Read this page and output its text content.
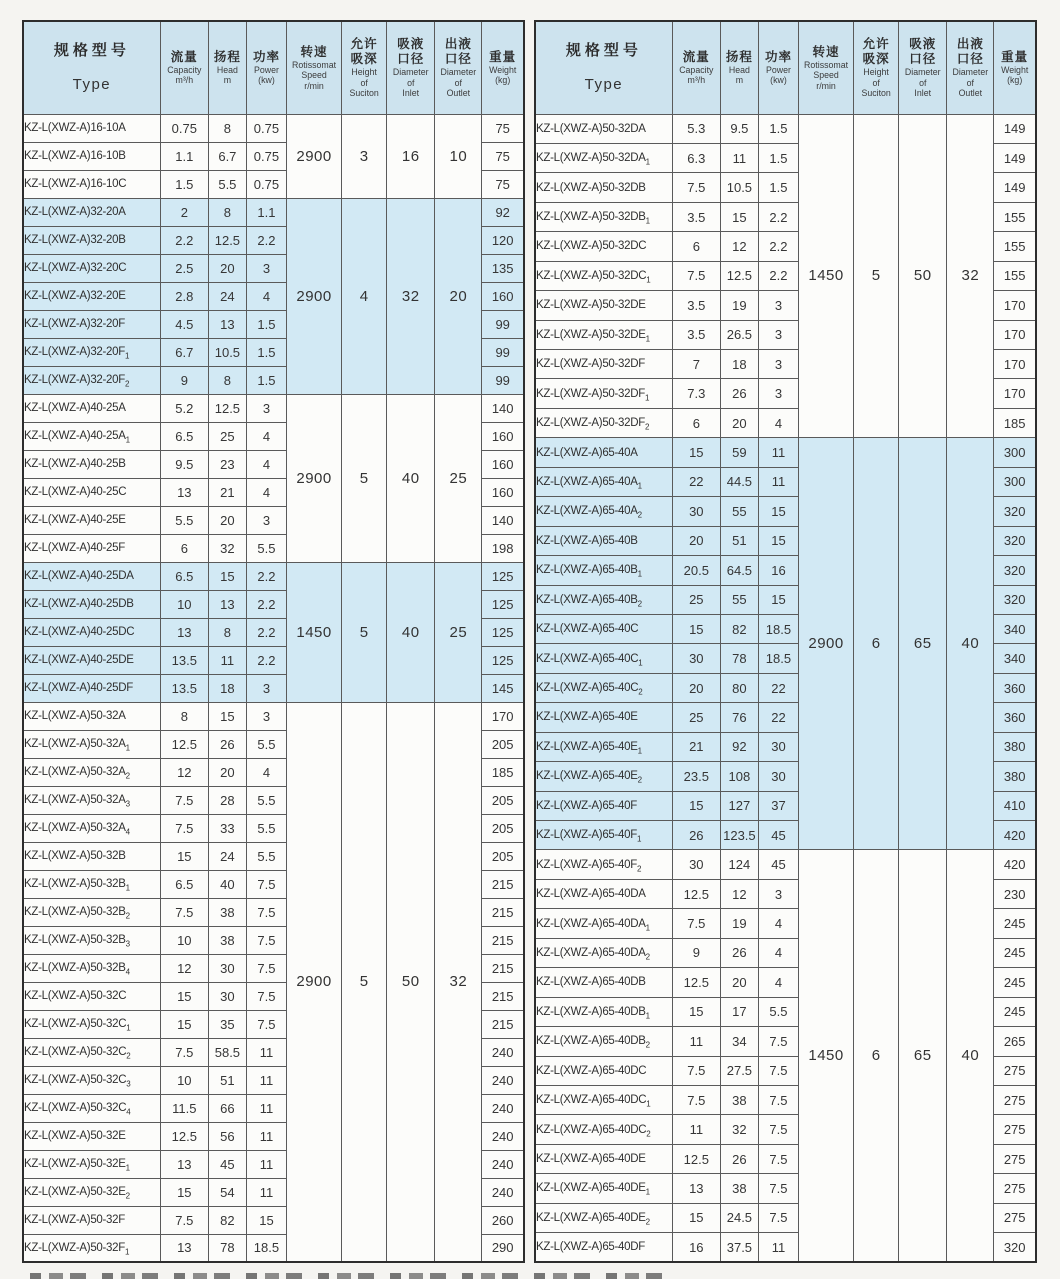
规格型号
Type

流量
Capacity
m³/h

扬程
Head
m

功率
Power
(kw)

转速
Rotissomat
Speed
r/min

允许
吸深
Height
of
Suciton

吸液
口径
Diameter
of
Inlet

出液
口径
Diameter
of
Outlet

重量
Weight
(kg)

KZ-L(XWZ-A)16-10A	0.75	8	0.75	2900	3	16	10	75
KZ-L(XWZ-A)16-10B	1.1	6.7	0.75					75
KZ-L(XWZ-A)16-10C	1.5	5.5	0.75					75
KZ-L(XWZ-A)32-20A	2	8	1.1	2900	4	32	20	92
KZ-L(XWZ-A)32-20B	2.2	12.5	2.2					120
KZ-L(XWZ-A)32-20C	2.5	20	3					135
KZ-L(XWZ-A)32-20E	2.8	24	4					160
KZ-L(XWZ-A)32-20F	4.5	13	1.5					99
$KZ-L(XWZ-A)32-20F_1$	6.7	10.5	1.5					99
$KZ-L(XWZ-A)32-20F_2$	9	8	1.5					99
KZ-L(XWZ-A)40-25A	5.2	12.5	3	2900	5	40	25	140
$KZ-L(XWZ-A)40-25A_1$	6.5	25	4					160
KZ-L(XWZ-A)40-25B	9.5	23	4					160
KZ-L(XWZ-A)40-25C	13	21	4					160
KZ-L(XWZ-A)40-25E	5.5	20	3					140
KZ-L(XWZ-A)40-25F	6	32	5.5					198
KZ-L(XWZ-A)40-25DA	6.5	15	2.2	1450	5	40	25	125
KZ-L(XWZ-A)40-25DB	10	13	2.2					125
KZ-L(XWZ-A)40-25DC	13	8	2.2					125
KZ-L(XWZ-A)40-25DE	13.5	11	2.2					125
KZ-L(XWZ-A)40-25DF	13.5	18	3					145
KZ-L(XWZ-A)50-32A	8	15	3	2900	5	50	32	170
$KZ-L(XWZ-A)50-32A_1$	12.5	26	5.5					205
$KZ-L(XWZ-A)50-32A_2$	12	20	4					185
$KZ-L(XWZ-A)50-32A_3$	7.5	28	5.5					205
$KZ-L(XWZ-A)50-32A_4$	7.5	33	5.5					205
KZ-L(XWZ-A)50-32B	15	24	5.5					205
$KZ-L(XWZ-A)50-32B_1$	6.5	40	7.5					215
$KZ-L(XWZ-A)50-32B_2$	7.5	38	7.5					215
$KZ-L(XWZ-A)50-32B_3$	10	38	7.5					215
$KZ-L(XWZ-A)50-32B_4$	12	30	7.5					215
KZ-L(XWZ-A)50-32C	15	30	7.5					215
$KZ-L(XWZ-A)50-32C_1$	15	35	7.5					215
$KZ-L(XWZ-A)50-32C_2$	7.5	58.5	11					240
$KZ-L(XWZ-A)50-32C_3$	10	51	11					240
$KZ-L(XWZ-A)50-32C_4$	11.5	66	11					240
KZ-L(XWZ-A)50-32E	12.5	56	11					240
$KZ-L(XWZ-A)50-32E_1$	13	45	11					240
$KZ-L(XWZ-A)50-32E_2$	15	54	11					240
KZ-L(XWZ-A)50-32F	7.5	82	15					260
$KZ-L(XWZ-A)50-32F_1$	13	78	18.5					290
规格型号
Type

流量
Capacity
m³/h

扬程
Head
m

功率
Power
(kw)

转速
Rotissomat
Speed
r/min

允许
吸深
Height
of
Suciton

吸液
口径
Diameter
of
Inlet

出液
口径
Diameter
of
Outlet

重量
Weight
(kg)

KZ-L(XWZ-A)50-32DA	5.3	9.5	1.5	1450	5	50	32	149
$KZ-L(XWZ-A)50-32DA_1$	6.3	11	1.5					149
KZ-L(XWZ-A)50-32DB	7.5	10.5	1.5					149
$KZ-L(XWZ-A)50-32DB_1$	3.5	15	2.2					155
KZ-L(XWZ-A)50-32DC	6	12	2.2					155
$KZ-L(XWZ-A)50-32DC_1$	7.5	12.5	2.2					155
KZ-L(XWZ-A)50-32DE	3.5	19	3					170
$KZ-L(XWZ-A)50-32DE_1$	3.5	26.5	3					170
KZ-L(XWZ-A)50-32DF	7	18	3					170
$KZ-L(XWZ-A)50-32DF_1$	7.3	26	3					170
$KZ-L(XWZ-A)50-32DF_2$	6	20	4					185
KZ-L(XWZ-A)65-40A	15	59	11	2900	6	65	40	300
$KZ-L(XWZ-A)65-40A_1$	22	44.5	11					300
$KZ-L(XWZ-A)65-40A_2$	30	55	15					320
KZ-L(XWZ-A)65-40B	20	51	15					320
$KZ-L(XWZ-A)65-40B_1$	20.5	64.5	16					320
$KZ-L(XWZ-A)65-40B_2$	25	55	15					320
KZ-L(XWZ-A)65-40C	15	82	18.5					340
$KZ-L(XWZ-A)65-40C_1$	30	78	18.5					340
$KZ-L(XWZ-A)65-40C_2$	20	80	22					360
KZ-L(XWZ-A)65-40E	25	76	22					360
$KZ-L(XWZ-A)65-40E_1$	21	92	30					380
$KZ-L(XWZ-A)65-40E_2$	23.5	108	30					380
KZ-L(XWZ-A)65-40F	15	127	37					410
$KZ-L(XWZ-A)65-40F_1$	26	123.5	45					420
$KZ-L(XWZ-A)65-40F_2$	30	124	45	1450	6	65	40	420
KZ-L(XWZ-A)65-40DA	12.5	12	3					230
$KZ-L(XWZ-A)65-40DA_1$	7.5	19	4					245
$KZ-L(XWZ-A)65-40DA_2$	9	26	4					245
KZ-L(XWZ-A)65-40DB	12.5	20	4					245
$KZ-L(XWZ-A)65-40DB_1$	15	17	5.5					245
$KZ-L(XWZ-A)65-40DB_2$	11	34	7.5					265
KZ-L(XWZ-A)65-40DC	7.5	27.5	7.5					275
$KZ-L(XWZ-A)65-40DC_1$	7.5	38	7.5					275
$KZ-L(XWZ-A)65-40DC_2$	11	32	7.5					275
KZ-L(XWZ-A)65-40DE	12.5	26	7.5					275
$KZ-L(XWZ-A)65-40DE_1$	13	38	7.5					275
$KZ-L(XWZ-A)65-40DE_2$	15	24.5	7.5					275
KZ-L(XWZ-A)65-40DF	16	37.5	11					320
